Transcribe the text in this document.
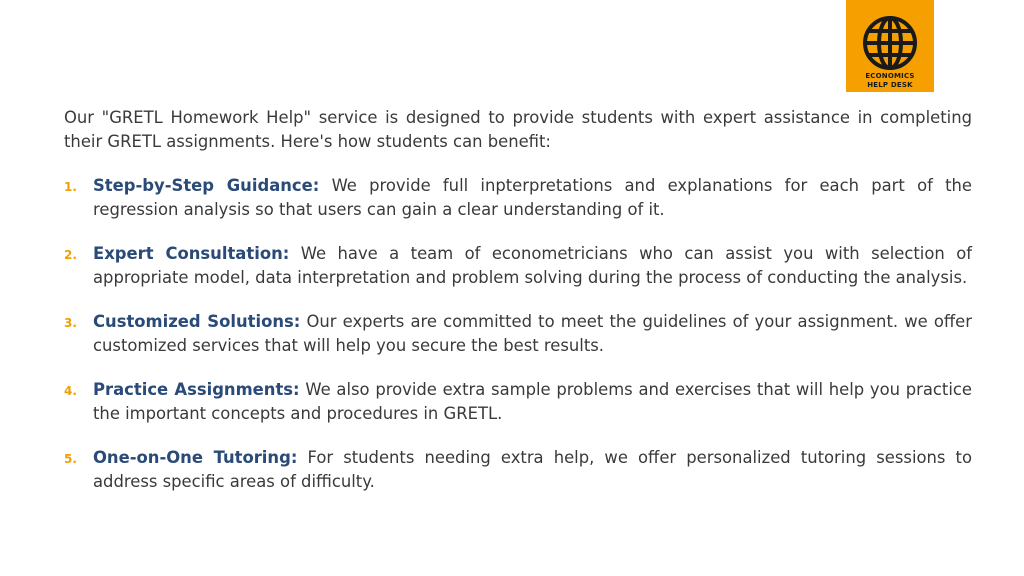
ECONOMICS
HELP DESK

Our "GRETL Homework Help" service is designed to provide students with expert assistance in completing their GRETL assignments. Here's how students can benefit:

1. Step-by-Step Guidance: We provide full inpterpretations and explanations for each part of the regression analysis so that users can gain a clear understanding of it.
2. Expert Consultation: We have a team of econometricians who can assist you with selection of appropriate model, data interpretation and problem solving during the process of conducting the analysis.
3. Customized Solutions: Our experts are committed to meet the guidelines of your assignment. we offer customized services that will help you secure the best results.
4. Practice Assignments: We also provide extra sample problems and exercises that will help you practice the important concepts and procedures in GRETL.
5. One-on-One Tutoring: For students needing extra help, we offer personalized tutoring sessions to address specific areas of difficulty.
